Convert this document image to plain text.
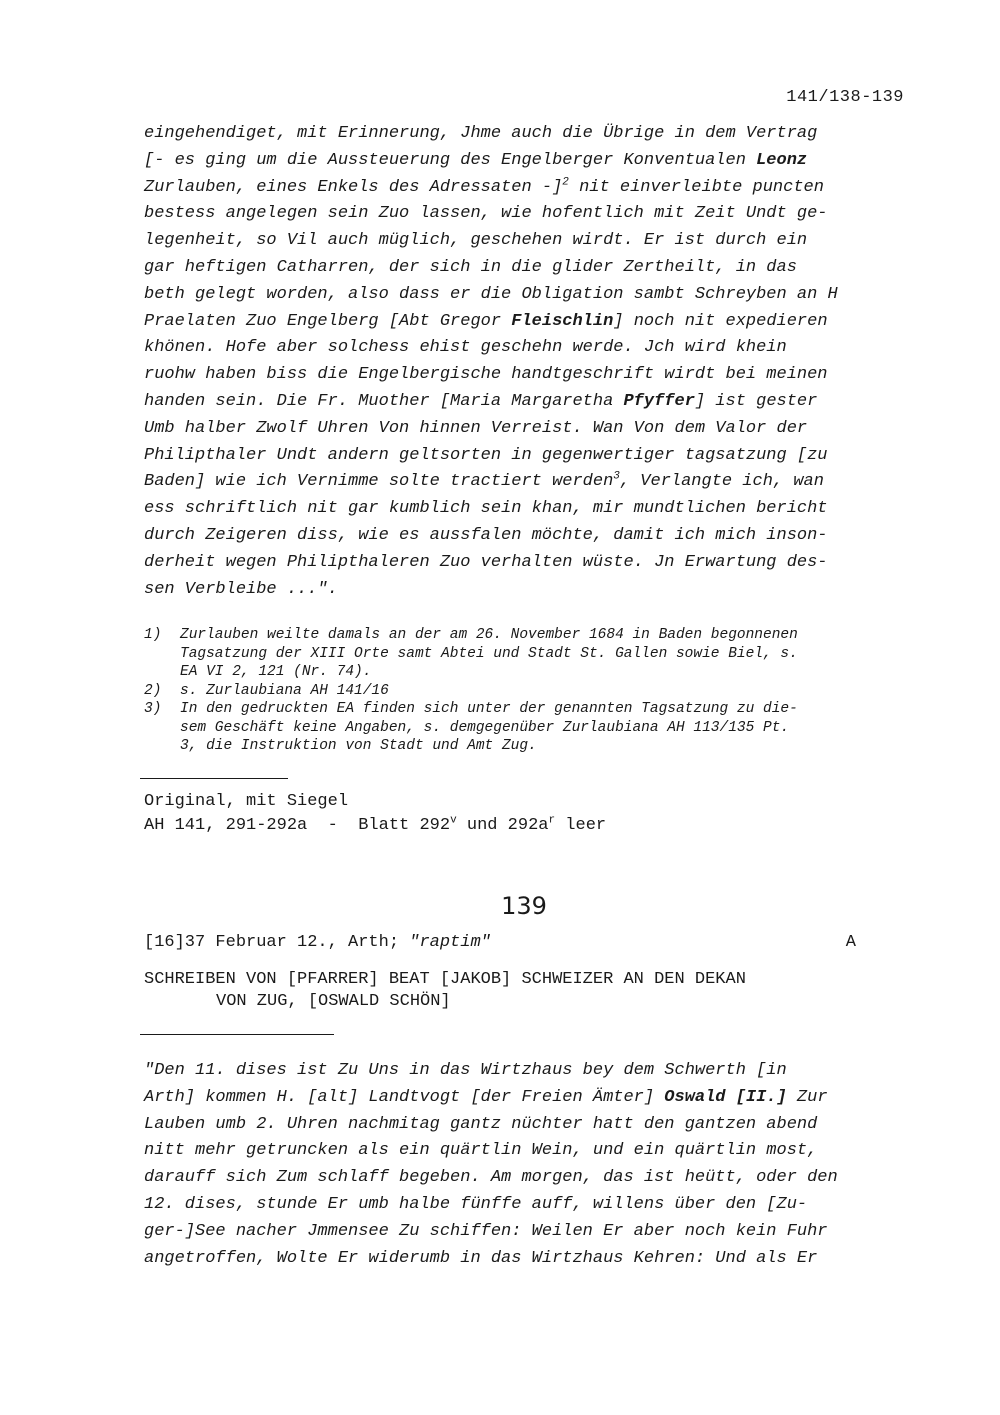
141/138-139
eingehendiget, mit Erinnerung, Jhme auch die Übrige in dem Vertrag
[- es ging um die Aussteuerung des Engelberger Konventualen Leonz
Zurlauben, eines Enkels des Adressaten -]$^2$ nit einverleibte puncten
bestess angelegen sein Zuo lassen, wie hofentlich mit Zeit Undt ge-
legenheit, so Vil auch müglich, geschehen wirdt. Er ist durch ein
gar heftigen Catharren, der sich in die glider Zertheilt, in das
beth gelegt worden, also dass er die Obligation sambt Schreyben an H
Praelaten Zuo Engelberg [Abt Gregor Fleischlin] noch nit expedieren
khönen. Hofe aber solchess ehist geschehn werde. Jch wird khein
ruohw haben biss die Engelbergische handtgeschrift wirdt bei meinen
handen sein. Die Fr. Muother [Maria Margaretha Pfyffer] ist gester
Umb halber Zwolf Uhren Von hinnen Verreist. Wan Von dem Valor der
Philipthaler Undt andern geltsorten in gegenwertiger tagsatzung [zu
Baden] wie ich Vernimme solte tractiert werden$^3$, Verlangte ich, wan
ess schriftlich nit gar kumblich sein khan, mir mundtlichen bericht
durch Zeigeren diss, wie es aussfalen möchte, damit ich mich inson-
derheit wegen Philipthaleren Zuo verhalten wüste. Jn Erwartung des-
sen Verbleibe ...".
1)	Zurlauben weilte damals an der am 26. November 1684 in Baden begonnenen
Tagsatzung der XIII Orte samt Abtei und Stadt St. Gallen sowie Biel, s.
EA VI 2, 121 (Nr. 74).
2)	s. Zurlaubiana AH 141/16
3)	In den gedruckten EA finden sich unter der genannten Tagsatzung zu die-
sem Geschäft keine Angaben, s. demgegenüber Zurlaubiana AH 113/135 Pt.
3, die Instruktion von Stadt und Amt Zug.
Original, mit Siegel
AH 141, 291-292a  -  Blatt 292$^v$ und $292a^r$ leer
139
[16]37 Februar 12., Arth; "raptim"	A
SCHREIBEN VON [PFARRER] BEAT [JAKOB] SCHWEIZER AN DEN DEKAN
VON ZUG, [OSWALD SCHÖN]
"Den 11. dises ist Zu Uns in das Wirtzhaus bey dem Schwerth [in
Arth] kommen H. [alt] Landtvogt [der Freien Ämter] Oswald [II.] Zur
Lauben umb 2. Uhren nachmitag gantz nüchter hatt den gantzen abend
nitt mehr getruncken als ein quärtlin Wein, und ein quärtlin most,
darauff sich Zum schlaff begeben. Am morgen, das ist heütt, oder den
12. dises, stunde Er umb halbe fünffe auff, willens über den [Zu-
ger-]See nacher Jmmensee Zu schiffen: Weilen Er aber noch kein Fuhr
angetroffen, Wolte Er widerumb in das Wirtzhaus Kehren: Und als Er
